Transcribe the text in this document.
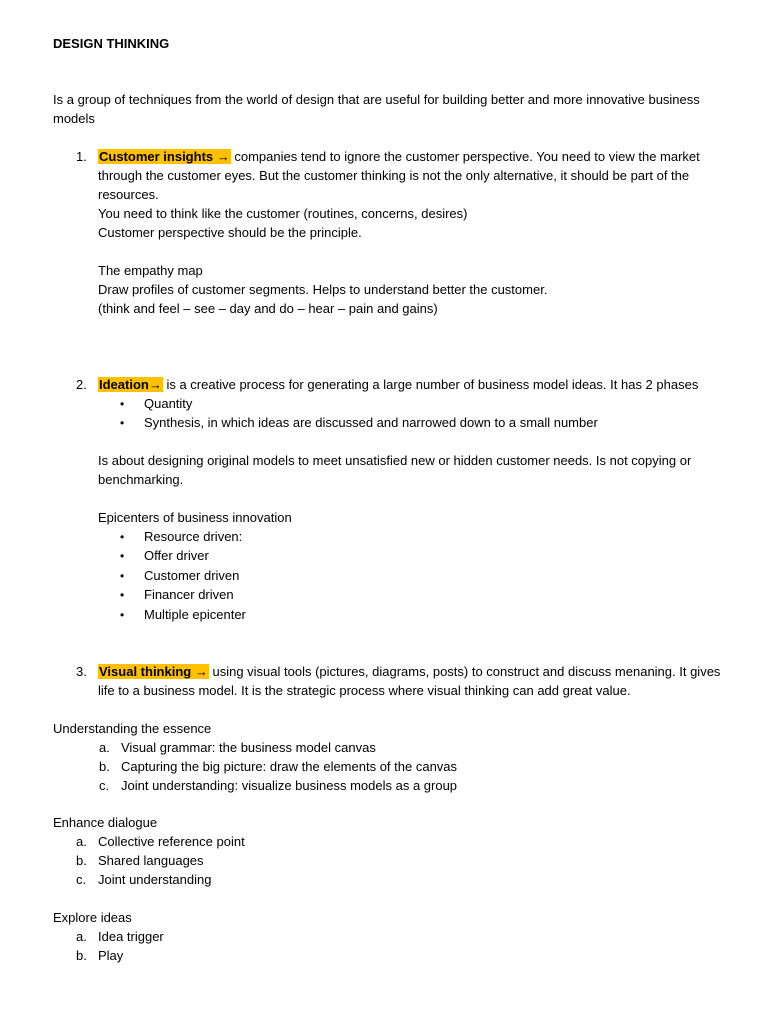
DESIGN THINKING
Is a group of techniques from the world of design that are useful for building better and more innovative business
models
1. Customer insights → companies tend to ignore the customer perspective. You need to view the market
through the customer eyes. But the customer thinking is not the only alternative, it should be part of the
resources.
You need to think like the customer (routines, concerns, desires)
Customer perspective should be the principle.
The empathy map
Draw profiles of customer segments. Helps to understand better the customer.
(think and feel – see – day and do – hear – pain and gains)
2. Ideation→ is a creative process for generating a large number of business model ideas. It has 2 phases
• Quantity
• Synthesis, in which ideas are discussed and narrowed down to a small number
Is about designing original models to meet unsatisfied new or hidden customer needs. Is not copying or
benchmarking.
Epicenters of business innovation
• Resource driven:
• Offer driver
• Customer driven
• Financer driven
• Multiple epicenter
3. Visual thinking → using visual tools (pictures, diagrams, posts) to construct and discuss menaning. It gives
life to a business model. It is the strategic process where visual thinking can add great value.
Understanding the essence
a. Visual grammar: the business model canvas
b. Capturing the big picture: draw the elements of the canvas
c. Joint understanding: visualize business models as a group
Enhance dialogue
a. Collective reference point
b. Shared languages
c. Joint understanding
Explore ideas
a. Idea trigger
b. Play
